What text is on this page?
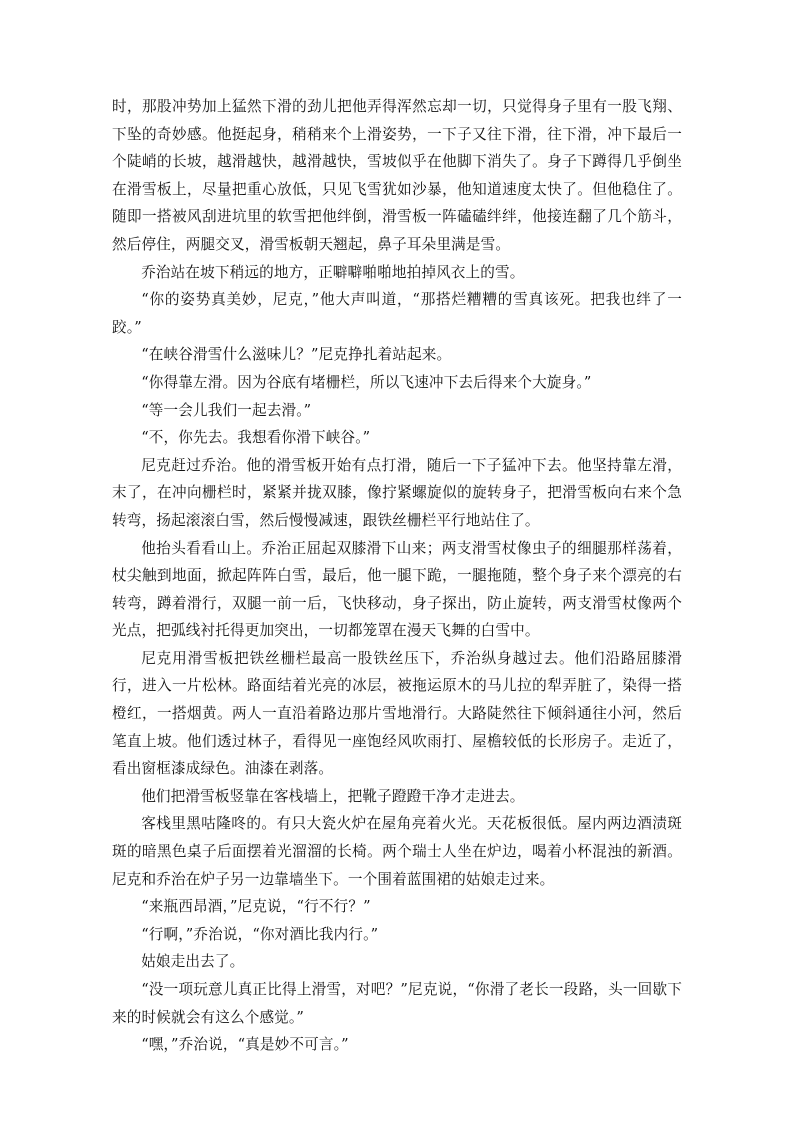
时，那股冲势加上猛然下滑的劲儿把他弄得浑然忘却一切，只觉得身子里有一股飞翔、下坠的奇妙感。他挺起身，稍稍来个上滑姿势，一下子又往下滑，往下滑，冲下最后一个陡峭的长坡，越滑越快，越滑越快，雪坡似乎在他脚下消失了。身子下蹲得几乎倒坐在滑雪板上，尽量把重心放低，只见飞雪犹如沙暴，他知道速度太快了。但他稳住了。随即一搭被风刮进坑里的软雪把他绊倒，滑雪板一阵磕磕绊绊，他接连翻了几个筋斗，然后停住，两腿交叉，滑雪板朝天翘起，鼻子耳朵里满是雪。

乔治站在坡下稍远的地方，正噼噼啪啪地拍掉风衣上的雪。

“你的姿势真美妙，尼克，”他大声叫道，“那搭烂糟糟的雪真该死。把我也绊了一跤。”

“在峡谷滑雪什么滋味儿？”尼克挣扎着站起来。

“你得靠左滑。因为谷底有堵栅栏，所以飞速冲下去后得来个大旋身。”

“等一会儿我们一起去滑。”

“不，你先去。我想看你滑下峡谷。”

尼克赶过乔治。他的滑雪板开始有点打滑，随后一下子猛冲下去。他坚持靠左滑，末了，在冲向栅栏时，紧紧并拢双膝，像拧紧螺旋似的旋转身子，把滑雪板向右来个急转弯，扬起滚滚白雪，然后慢慢减速，跟铁丝栅栏平行地站住了。

他抬头看看山上。乔治正屈起双膝滑下山来；两支滑雪杖像虫子的细腿那样荡着，杖尖触到地面，掀起阵阵白雪，最后，他一腿下跪，一腿拖随，整个身子来个漂亮的右转弯，蹲着滑行，双腿一前一后，飞快移动，身子探出，防止旋转，两支滑雪杖像两个光点，把弧线衬托得更加突出，一切都笼罩在漫天飞舞的白雪中。

尼克用滑雪板把铁丝栅栏最高一股铁丝压下，乔治纵身越过去。他们沿路屈膝滑行，进入一片松林。路面结着光亮的冰层，被拖运原木的马儿拉的犁弄脏了，染得一搭橙红，一搭烟黄。两人一直沿着路边那片雪地滑行。大路陡然往下倾斜通往小河，然后笔直上坡。他们透过林子，看得见一座饱经风吹雨打、屋檐较低的长形房子。走近了，看出窗框漆成绿色。油漆在剥落。

他们把滑雪板竖靠在客栈墙上，把靴子蹬蹬干净才走进去。

客栈里黑咕隆咚的。有只大瓷火炉在屋角亮着火光。天花板很低。屋内两边酒渍斑斑的暗黑色桌子后面摆着光溜溜的长椅。两个瑞士人坐在炉边，喝着小杯混浊的新酒。尼克和乔治在炉子另一边靠墙坐下。一个围着蓝围裙的姑娘走过来。

“来瓶西昂酒，”尼克说，“行不行？”

“行啊，”乔治说，“你对酒比我内行。”

姑娘走出去了。

“没一项玩意儿真正比得上滑雪，对吧？”尼克说，“你滑了老长一段路，头一回歇下来的时候就会有这么个感觉。”

“嘿，”乔治说，“真是妙不可言。”
